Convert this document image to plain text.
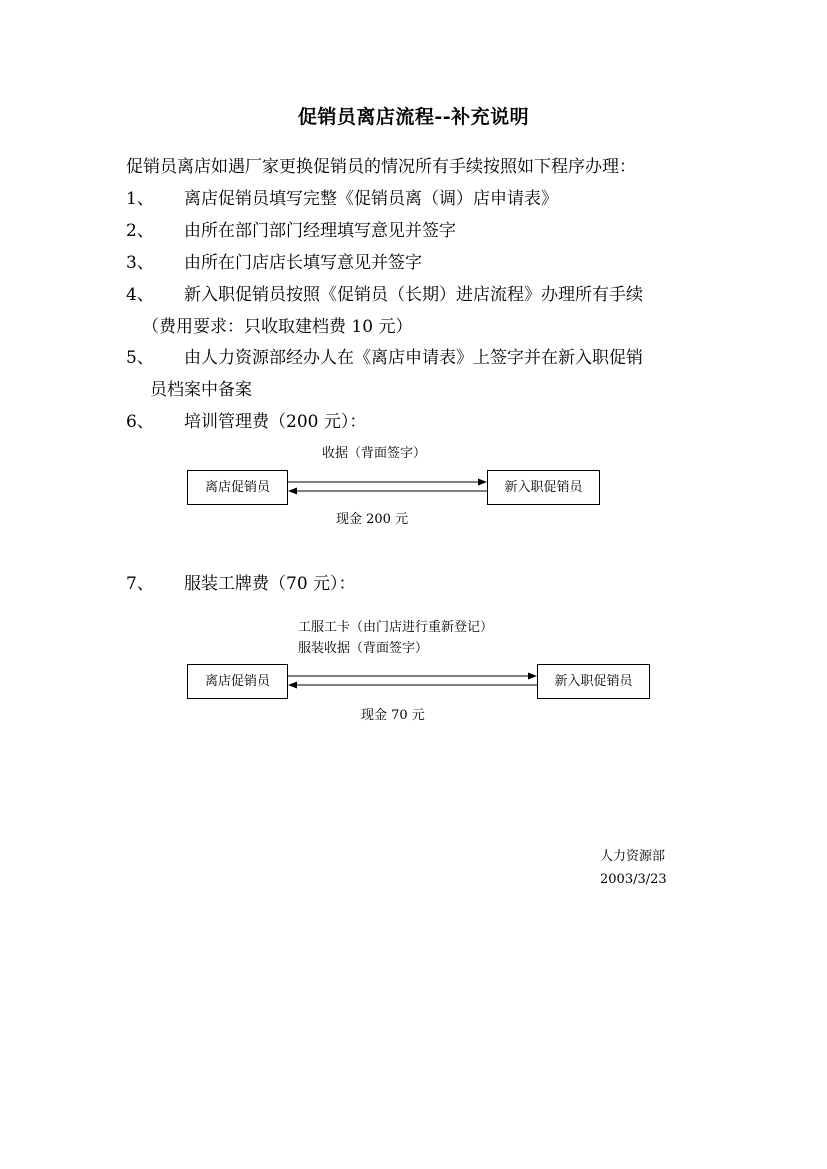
促销员离店流程--补充说明
促销员离店如遇厂家更换促销员的情况所有手续按照如下程序办理：
1、 离店促销员填写完整《促销员离（调）店申请表》
2、 由所在部门部门经理填写意见并签字
3、 由所在门店店长填写意见并签字
4、 新入职促销员按照《促销员（长期）进店流程》办理所有手续
（费用要求：只收取建档费 10 元）
5、 由人力资源部经办人在《离店申请表》上签字并在新入职促销
员档案中备案
6、 培训管理费（200 元）：
收据（背面签字）
离店促销员	新入职促销员
现金 200 元
7、 服装工牌费（70 元）：
工服工卡（由门店进行重新登记）
服装收据（背面签字）
离店促销员	新入职促销员
现金 70 元
人力资源部
2003/3/23
